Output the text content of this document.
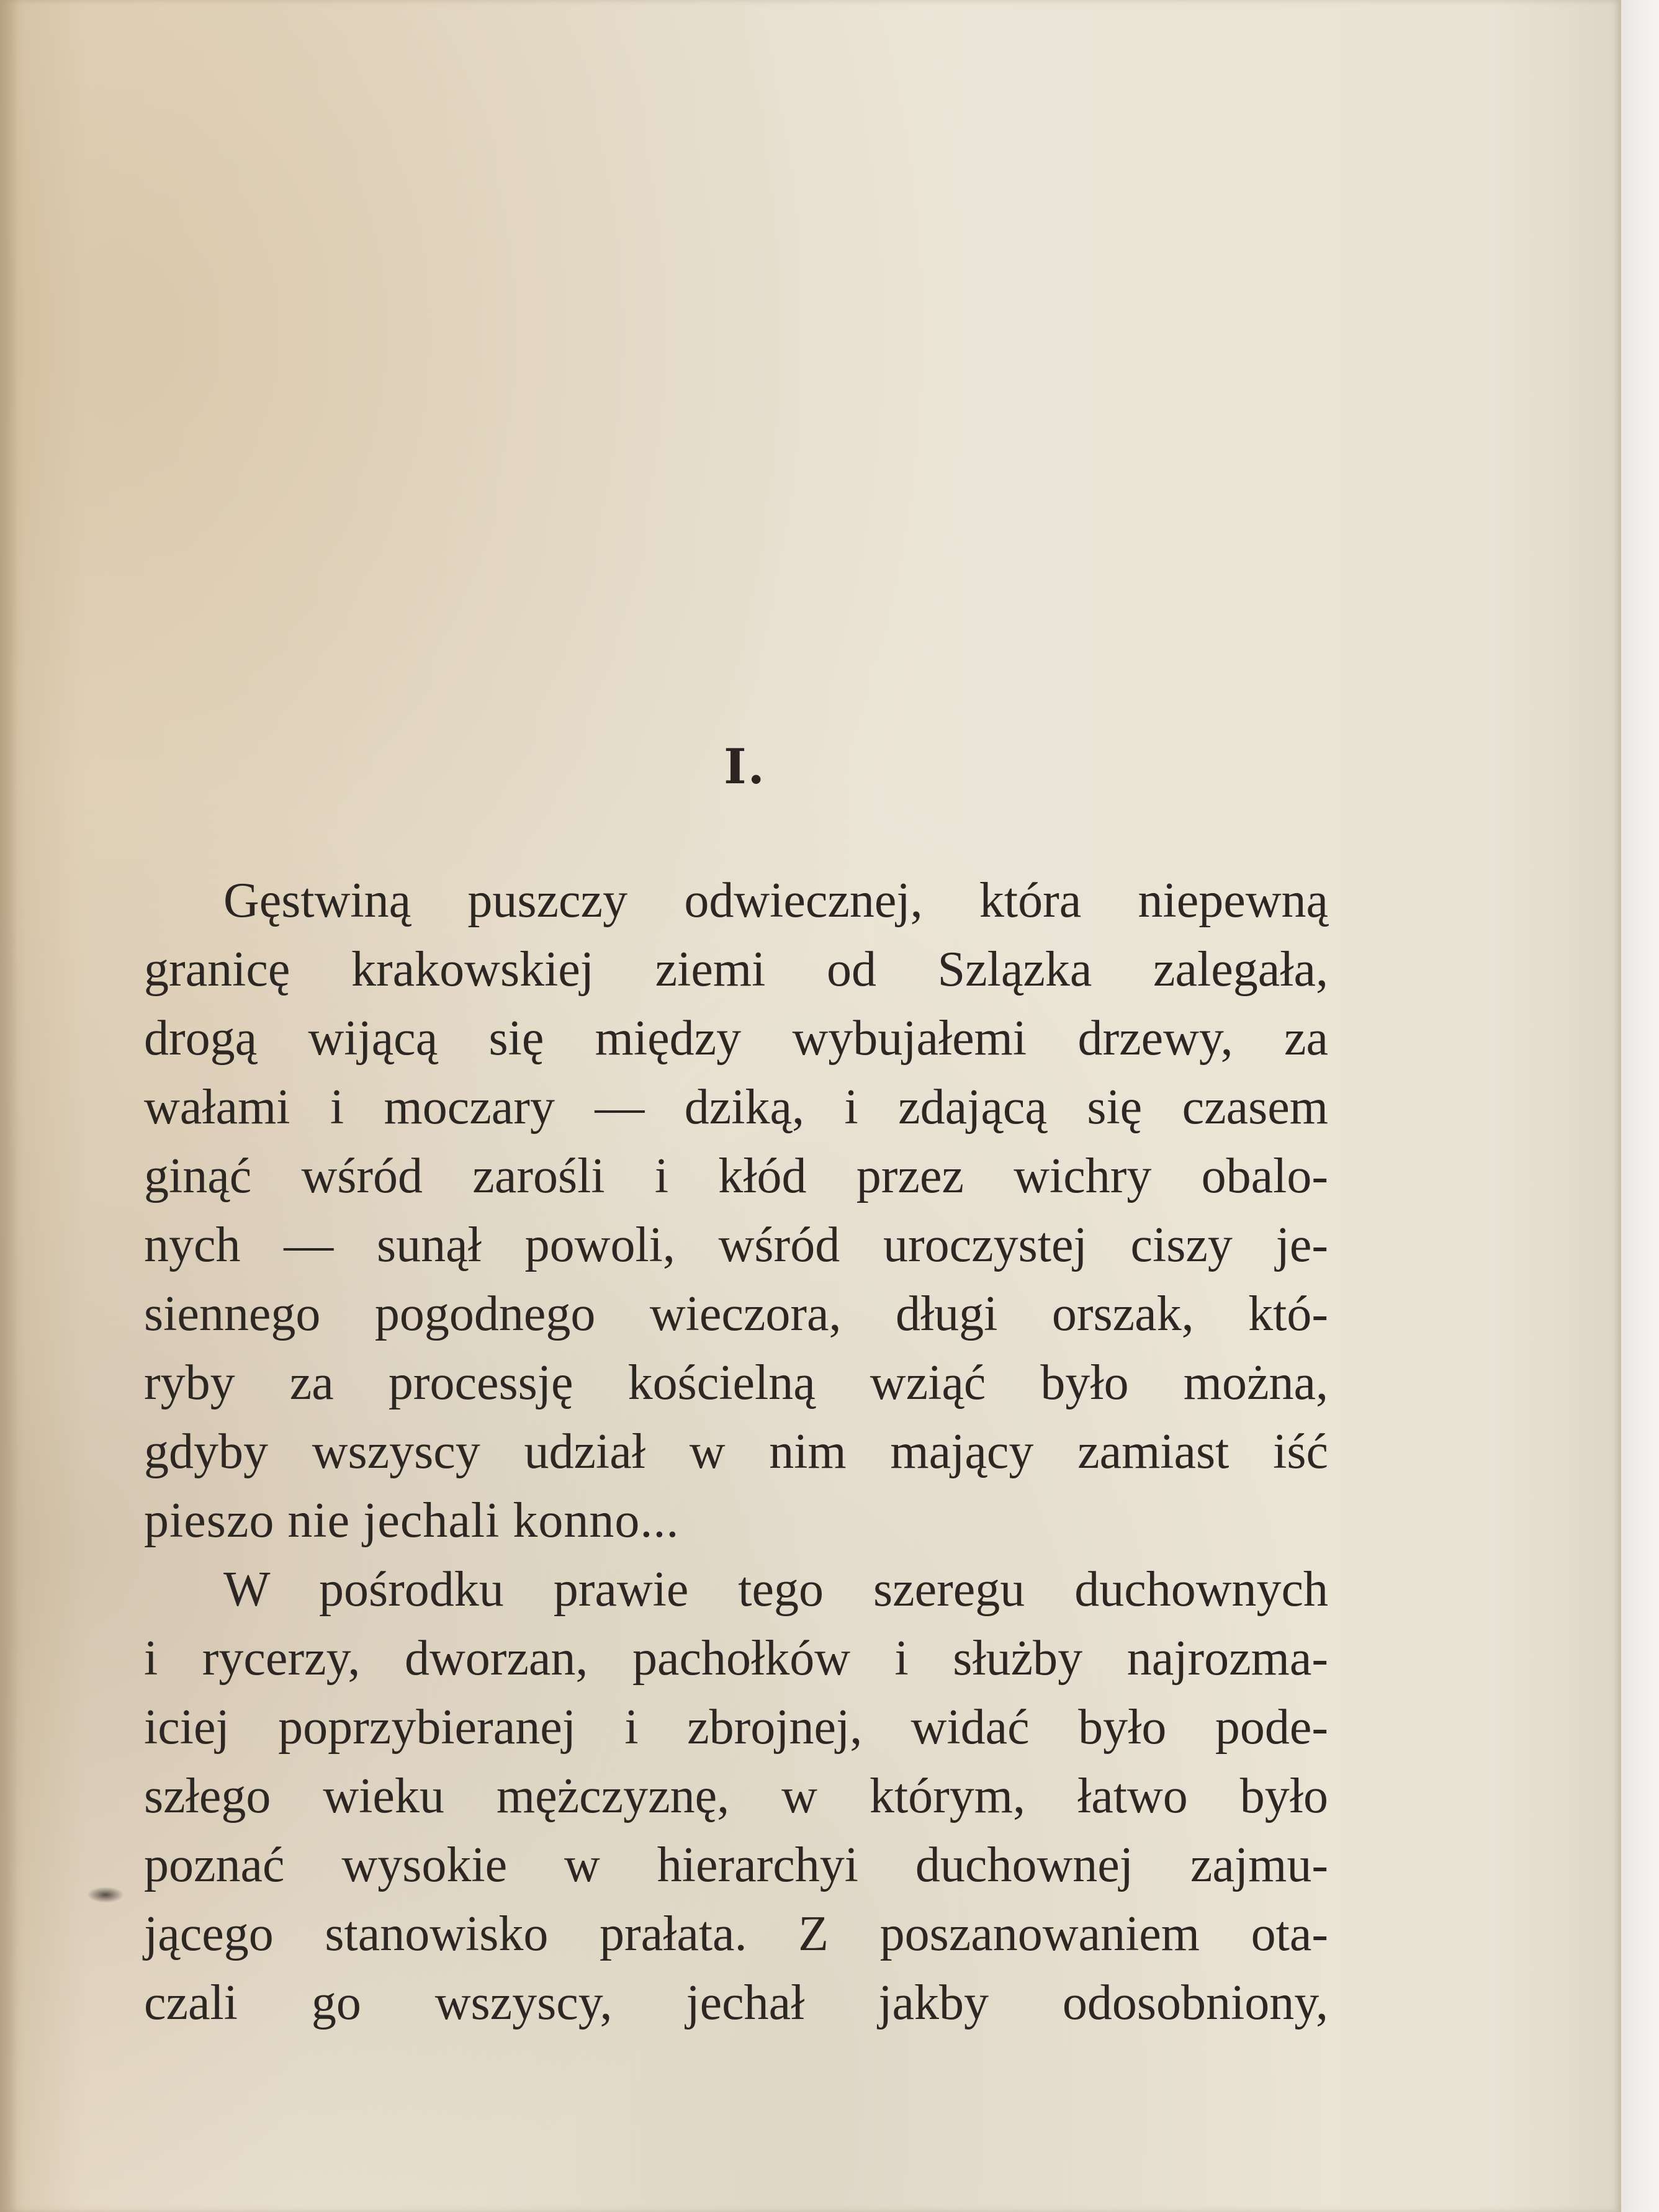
I.
Gęstwiną puszczy odwiecznej, która niepewną
granicę krakowskiej ziemi od Szlązka zalegała,
drogą wijącą się między wybujałemi drzewy, za
wałami i moczary — dziką, i zdającą się czasem
ginąć wśród zarośli i kłód przez wichry obalo-
nych — sunął powoli, wśród uroczystej ciszy je-
siennego pogodnego wieczora, długi orszak, któ-
ryby za processję kościelną wziąć było można,
gdyby wszyscy udział w nim mający zamiast iść
pieszo nie jechali konno...
W pośrodku prawie tego szeregu duchownych
i rycerzy, dworzan, pachołków i służby najrozma-
iciej poprzybieranej i zbrojnej, widać było pode-
szłego wieku mężczyznę, w którym, łatwo było
poznać wysokie w hierarchyi duchownej zajmu-
jącego stanowisko prałata. Z poszanowaniem ota-
czali go wszyscy, jechał jakby odosobniony,
